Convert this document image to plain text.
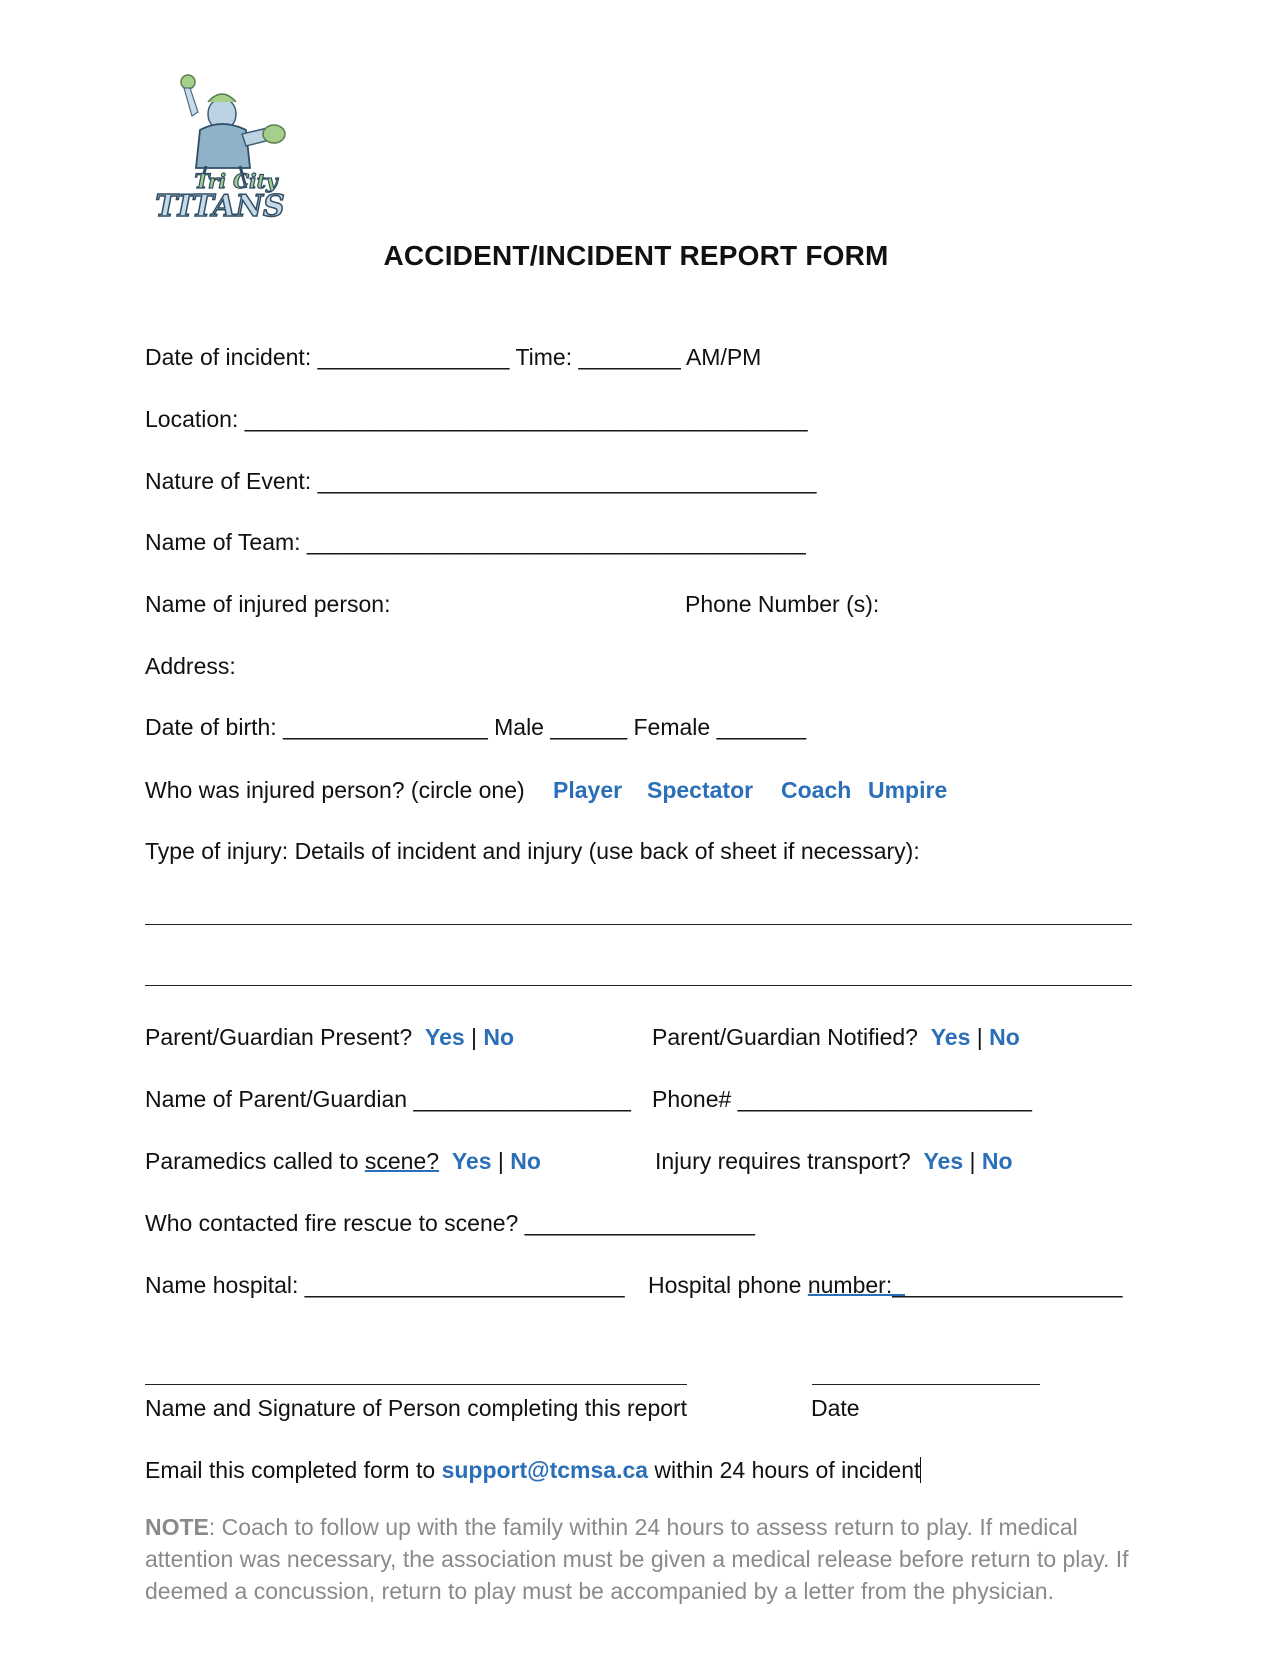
Tri City
TITANS
ACCIDENT/INCIDENT REPORT FORM
Date of incident: _______________ Time: ________ AM/PM
Location: ____________________________________________
Nature of Event: _______________________________________
Name of Team: _______________________________________
Name of injured person:	Phone Number (s):
Address:
Date of birth: ________________ Male ______ Female _______
Who was injured person? (circle one) Player Spectator Coach Umpire
Type of injury: Details of incident and injury (use back of sheet if necessary):
Parent/Guardian Present? Yes | No	Parent/Guardian Notified? Yes | No
Name of Parent/Guardian _________________ Phone# _______________________
Paramedics called to scene? Yes | No	Injury requires transport? Yes | No
Who contacted fire rescue to scene? __________________
Name hospital: _________________________ Hospital phone number:__________________
Name and Signature of Person completing this report	Date
Email this completed form to support@tcmsa.ca within 24 hours of incident
NOTE: Coach to follow up with the family within 24 hours to assess return to play. If medical attention was necessary, the association must be given a medical release before return to play. If deemed a concussion, return to play must be accompanied by a letter from the physician.
